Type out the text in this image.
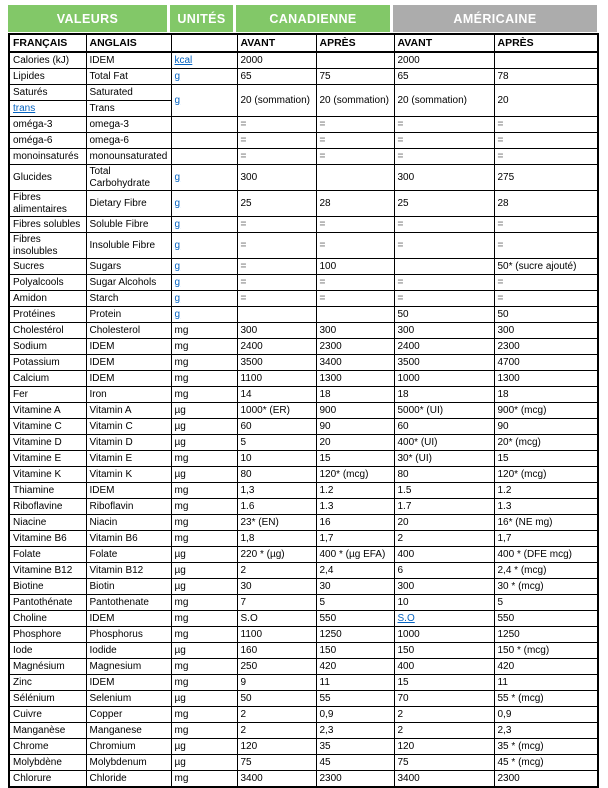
VALEURS	UNITÉS	CANADIENNE	AMÉRICAINE
FRANÇAIS	ANGLAIS		AVANT	APRÈS	AVANT	APRÈS
Calories (kJ)	IDEM	kcal	2000		2000	
Lipides	Total Fat	g	65	75	65	78
Saturés	Saturated	g	20 (sommation)	20 (sommation)	20 (sommation)	20
trans	Trans					
oméga-3	omega-3		=	=	=	=
oméga-6	omega-6		=	=	=	=
monoinsaturés	monounsaturated		=	=	=	=
Glucides	Total Carbohydrate	g	300		300	275
Fibres alimentaires	Dietary Fibre	g	25	28	25	28
Fibres solubles	Soluble Fibre	g	=	=	=	=
Fibres insolubles	Insoluble Fibre	g	=	=	=	=
Sucres	Sugars	g	=	100		50* (sucre ajouté)
Polyalcools	Sugar Alcohols	g	=	=	=	=
Amidon	Starch	g	=	=	=	=
Protéines	Protein	g			50	50
Cholestérol	Cholesterol	mg	300	300	300	300
Sodium	IDEM	mg	2400	2300	2400	2300
Potassium	IDEM	mg	3500	3400	3500	4700
Calcium	IDEM	mg	1100	1300	1000	1300
Fer	Iron	mg	14	18	18	18
Vitamine A	Vitamin A	µg	1000* (ER)	900	5000* (UI)	900* (mcg)
Vitamine C	Vitamin C	µg	60	90	60	90
Vitamine D	Vitamin D	µg	5	20	400* (UI)	20* (mcg)
Vitamine E	Vitamin E	mg	10	15	30* (UI)	15
Vitamine K	Vitamin K	µg	80	120* (mcg)	80	120* (mcg)
Thiamine	IDEM	mg	1,3	1.2	1.5	1.2
Riboflavine	Riboflavin	mg	1.6	1.3	1.7	1.3
Niacine	Niacin	mg	23* (EN)	16	20	16* (NE mg)
Vitamine B6	Vitamin B6	mg	1,8	1,7	2	1,7
Folate	Folate	µg	220 * (µg)	400 * (µg EFA)	400	400 * (DFE mcg)
Vitamine B12	Vitamin B12	µg	2	2,4	6	2,4 * (mcg)
Biotine	Biotin	µg	30	30	300	30 * (mcg)
Pantothénate	Pantothenate	mg	7	5	10	5
Choline	IDEM	mg	S.O	550	S.O	550
Phosphore	Phosphorus	mg	1100	1250	1000	1250
Iode	Iodide	µg	160	150	150	150 * (mcg)
Magnésium	Magnesium	mg	250	420	400	420
Zinc	IDEM	mg	9	11	15	11
Sélénium	Selenium	µg	50	55	70	55 * (mcg)
Cuivre	Copper	mg	2	0,9	2	0,9
Manganèse	Manganese	mg	2	2,3	2	2,3
Chrome	Chromium	µg	120	35	120	35 * (mcg)
Molybdène	Molybdenum	µg	75	45	75	45 * (mcg)
Chlorure	Chloride	mg	3400	2300	3400	2300
